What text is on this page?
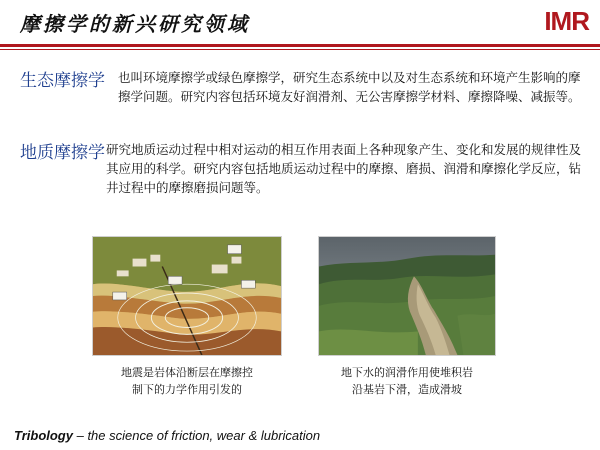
摩擦学的新兴研究领域	IMR
生态摩擦学 也叫环境摩擦学或绿色摩擦学，研究生态系统中以及对生态系统和环境产生影响的摩擦学问题。研究内容包括环境友好润滑剂、无公害摩擦学材料、摩擦降噪、减振等。
地质摩擦学 研究地质运动过程中相对运动的相互作用表面上各种现象产生、变化和发展的规律性及其应用的科学。研究内容包括地质运动过程中的摩擦、磨损、润滑和摩擦化学反应，钻井过程中的摩擦磨损问题等。
地震是岩体沿断层在摩擦控
制下的力学作用引发的
地下水的润滑作用使堆积岩
沿基岩下滑，造成滑坡
Tribology – the science of friction, wear & lubrication
